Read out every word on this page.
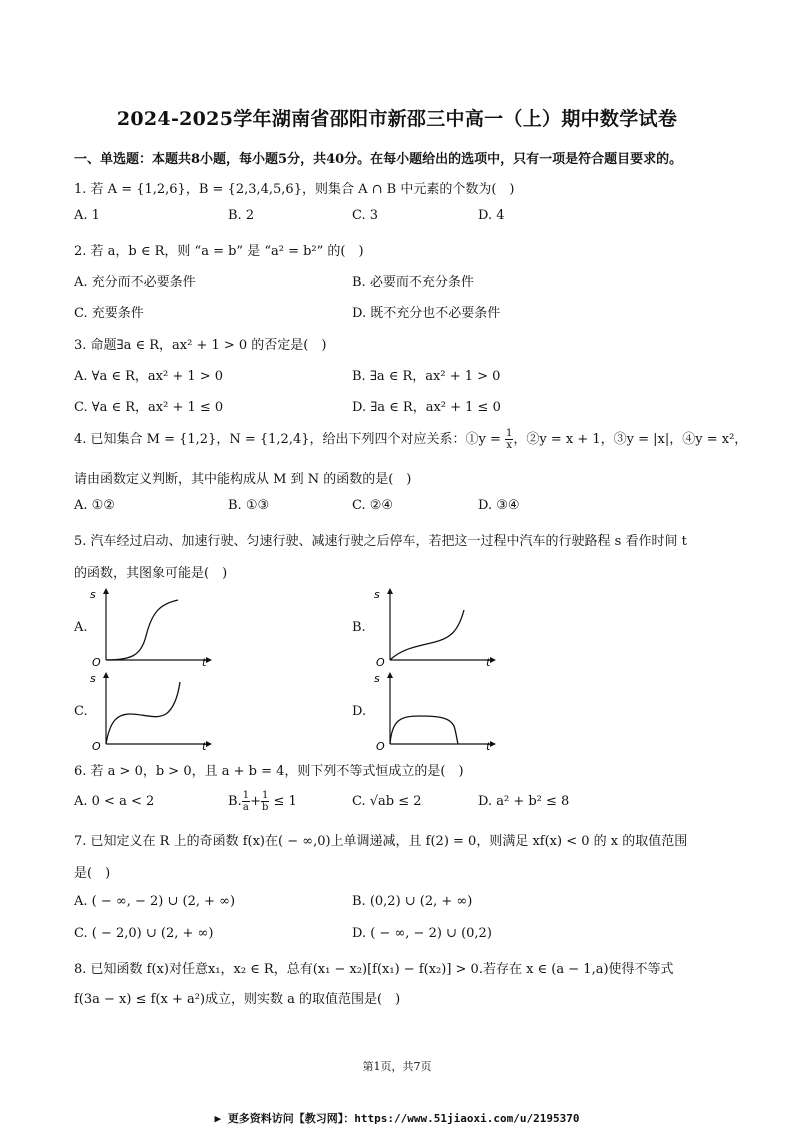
2024-2025学年湖南省邵阳市新邵三中高一（上）期中数学试卷
一、单选题：本题共8小题，每小题5分，共40分。在每小题给出的选项中，只有一项是符合题目要求的。
1. 若 A = {1,2,6}，B = {2,3,4,5,6}，则集合 A ∩ B 中元素的个数为(　)
A. 1	B. 2	C. 3	D. 4
2. 若 a，b ∈ R，则 “a = b” 是 “a² = b²” 的(　)
A. 充分而不必要条件	B. 必要而不充分条件
C. 充要条件	D. 既不充分也不必要条件
3. 命题∃a ∈ R，ax² + 1 > 0 的否定是(　)
A. ∀a ∈ R，ax² + 1 > 0	B. ∃a ∈ R，ax² + 1 > 0
C. ∀a ∈ R，ax² + 1 ≤ 0	D. ∃a ∈ R，ax² + 1 ≤ 0
4. 已知集合 M = {1,2}，N = {1,2,4}，给出下列四个对应关系：①y = $\frac{1}{x}$ ，②y = x + 1，③y = |x|，④y = x²，
请由函数定义判断，其中能构成从 M 到 N 的函数的是(　)
A. ①②	B. ①③	C. ②④	D. ③④
5. 汽车经过启动、加速行驶、匀速行驶、减速行驶之后停车，若把这一过程中汽车的行驶路程 s 看作时间 t
的函数，其图象可能是(　)
A.
s
t
O
B.
s
t
O
C.
s
t
O
D.
s
t
O
6. 若 a > 0，b > 0，且 a + b = 4，则下列不等式恒成立的是(　)
A. 0 < a < 2	B. $\frac{1}{a} + \frac{1}{b} \le 1$	C. √ab ≤ 2	D. a² + b² ≤ 8
7. 已知定义在 R 上的奇函数 f(x)在( − ∞,0)上单调递减，且 f(2) = 0，则满足 xf(x) < 0 的 x 的取值范围
是(　)
A. ( − ∞, − 2) ∪ (2, + ∞)	B. (0,2) ∪ (2, + ∞)
C. ( − 2,0) ∪ (2, + ∞)	D. ( − ∞, − 2) ∪ (0,2)
8. 已知函数 f(x)对任意x₁，x₂ ∈ R，总有(x₁ − x₂)[f(x₁) − f(x₂)] > 0.若存在 x ∈ (a − 1,a)使得不等式
f(3a − x) ≤ f(x + a²)成立，则实数 a 的取值范围是(　)
第1页，共7页
▶ 更多资料访问【教习网】：https://www.51jiaoxi.com/u/2195370
